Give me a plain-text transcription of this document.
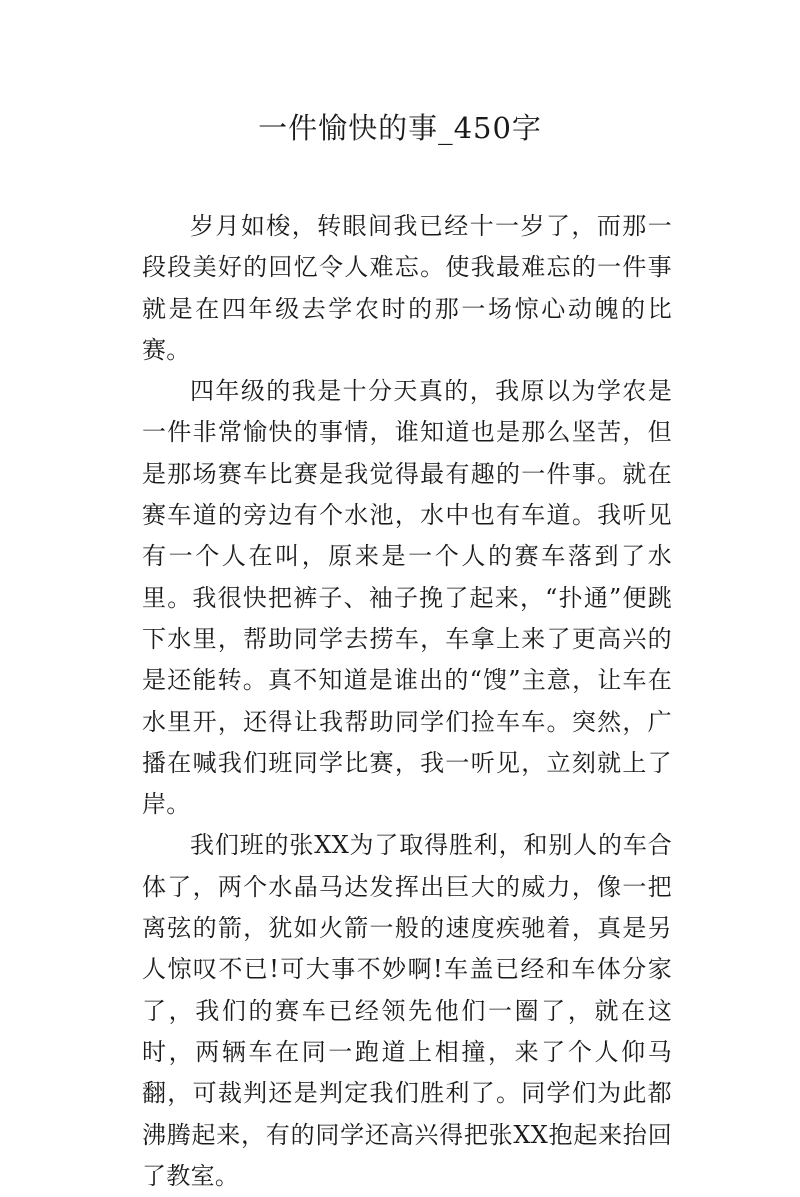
一件愉快的事_450字

岁月如梭，转眼间我已经十一岁了，而那一段段美好的回忆令人难忘。使我最难忘的一件事就是在四年级去学农时的那一场惊心动魄的比赛。

四年级的我是十分天真的，我原以为学农是一件非常愉快的事情，谁知道也是那么坚苦，但是那场赛车比赛是我觉得最有趣的一件事。就在赛车道的旁边有个水池，水中也有车道。我听见有一个人在叫，原来是一个人的赛车落到了水里。我很快把裤子、袖子挽了起来，“扑通”便跳下水里，帮助同学去捞车，车拿上来了更高兴的是还能转。真不知道是谁出的“馊”主意，让车在水里开，还得让我帮助同学们捡车车。突然，广播在喊我们班同学比赛，我一听见，立刻就上了岸。

我们班的张XX为了取得胜利，和别人的车合体了，两个水晶马达发挥出巨大的威力，像一把离弦的箭，犹如火箭一般的速度疾驰着，真是另人惊叹不已!可大事不妙啊!车盖已经和车体分家了，我们的赛车已经领先他们一圈了，就在这时，两辆车在同一跑道上相撞，来了个人仰马翻，可裁判还是判定我们胜利了。同学们为此都沸腾起来，有的同学还高兴得把张XX抱起来抬回了教室。
